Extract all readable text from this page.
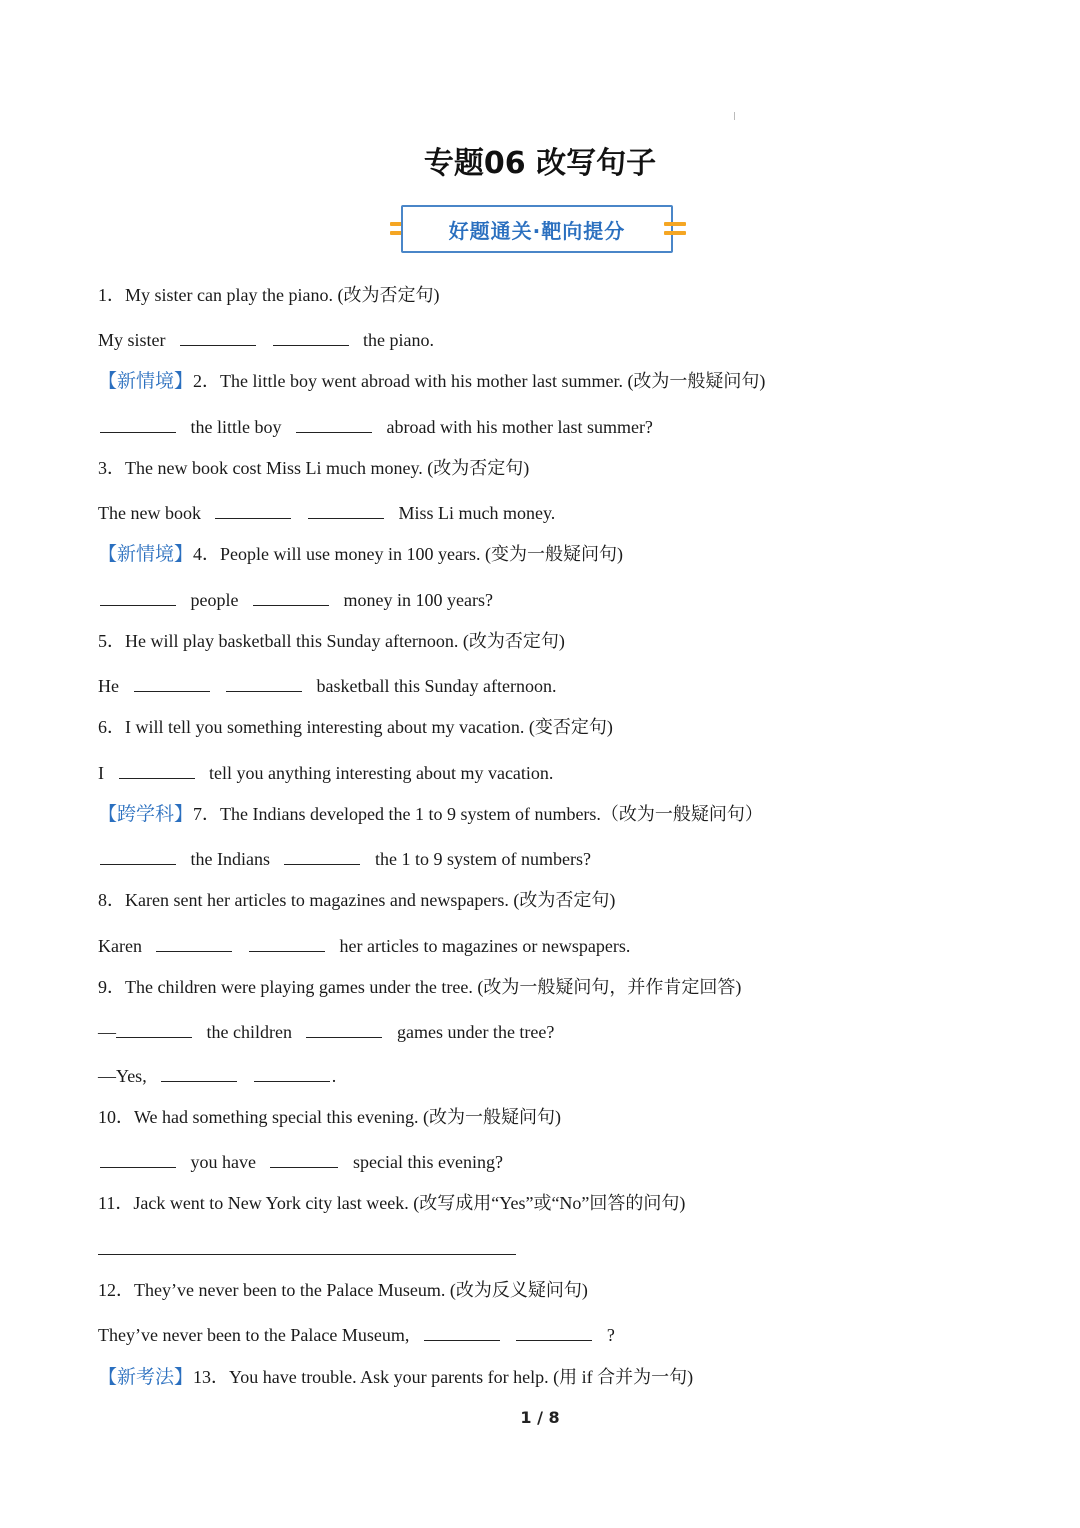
专题06 改写句子
好题通关·靶向提分
1．My sister can play the piano. (改为否定句)
My sister	the piano.
【新情境】2．The little boy went abroad with his mother last summer. (改为一般疑问句)
the little boy	abroad with his mother last summer?
3．The new book cost Miss Li much money. (改为否定句)
The new book	Miss Li much money.
【新情境】4．People will use money in 100 years. (变为一般疑问句)
people	money in 100 years?
5．He will play basketball this Sunday afternoon. (改为否定句)
He	basketball this Sunday afternoon.
6．I will tell you something interesting about my vacation. (变否定句)
I	tell you anything interesting about my vacation.
【跨学科】7．The Indians developed the 1 to 9 system of numbers.（改为一般疑问句）
the Indians	the 1 to 9 system of numbers?
8．Karen sent her articles to magazines and newspapers. (改为否定句)
Karen	her articles to magazines or newspapers.
9．The children were playing games under the tree. (改为一般疑问句，并作肯定回答)
—	the children	games under the tree?
—Yes,	.
10．We had something special this evening. (改为一般疑问句)
you have	special this evening?
11．Jack went to New York city last week. (改写成用“Yes”或“No”回答的问句)
12．They’ve never been to the Palace Museum. (改为反义疑问句)
They’ve never been to the Palace Museum,	?
【新考法】13．You have trouble. Ask your parents for help. (用 if 合并为一句)
1 / 8
